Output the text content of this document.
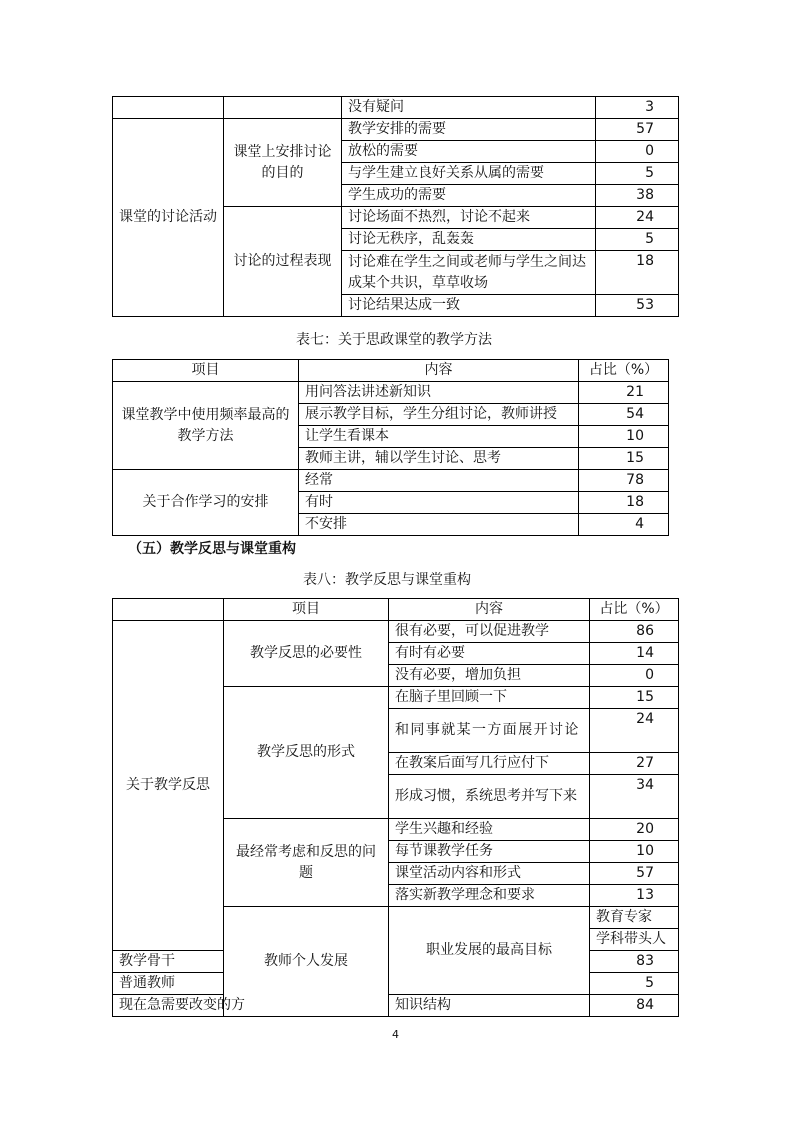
		没有疑问	3
课堂的讨论活动	课堂上安排讨论的目的	教学安排的需要	57
		放松的需要	0
		与学生建立良好关系从属的需要	5
		学生成功的需要	38
	讨论的过程表现	讨论场面不热烈，讨论不起来	24
		讨论无秩序，乱轰轰	5
		讨论难在学生之间或老师与学生之间达成某个共识，草草收场	18
		讨论结果达成一致	53
表七：关于思政课堂的教学方法
项目	内容	占比（%）
课堂教学中使用频率最高的教学方法	用问答法讲述新知识	21
	展示教学目标，学生分组讨论，教师讲授	54
	让学生看课本	10
	教师主讲，辅以学生讨论、思考	15
关于合作学习的安排	经常	78
	有时	18
	不安排	4
（五）教学反思与课堂重构
表八：教学反思与课堂重构
	项目	内容	占比（%）	
关于教学反思	教学反思的必要性	很有必要，可以促进教学	86	
		有时有必要	14	
		没有必要，增加负担	0	
	教学反思的形式	在脑子里回顾一下	15	
		和同事就某一方面展开讨论	24	
		在教案后面写几行应付下	27	
		形成习惯，系统思考并写下来	34	
	最经常考虑和反思的问题	学生兴趣和经验	20	
		每节课教学任务	10	
		课堂活动内容和形式	57	
		落实新教学理念和要求	13	
	教师个人发展	职业发展的最高目标	教育专家	
			学科带头人	
教学骨干			83	
普通教师			5	
现在急需要改变的方		知识结构	84	
4
